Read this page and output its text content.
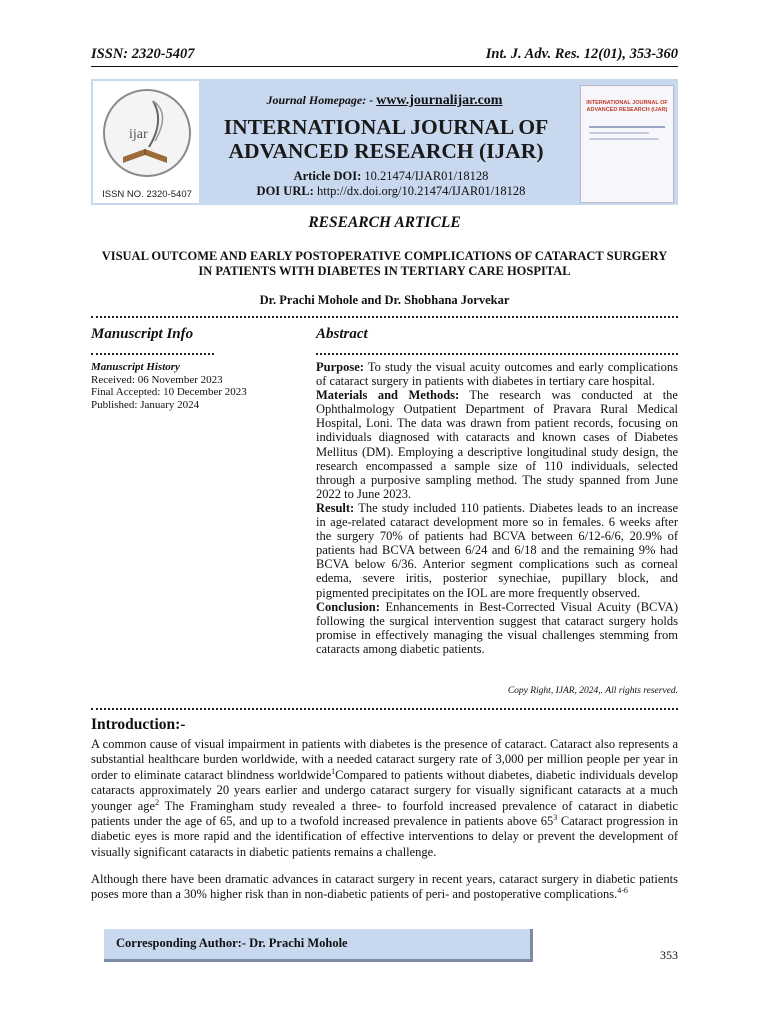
ISSN: 2320-5407	Int. J. Adv. Res. 12(01), 353-360
ijar
ISSN NO. 2320-5407
Journal Homepage: - www.journalijar.com
INTERNATIONAL JOURNAL OF
ADVANCED RESEARCH (IJAR)
Article DOI: 10.21474/IJAR01/18128
DOI URL: http://dx.doi.org/10.21474/IJAR01/18128
INTERNATIONAL JOURNAL OF ADVANCED RESEARCH (IJAR)
RESEARCH ARTICLE
VISUAL OUTCOME AND EARLY POSTOPERATIVE COMPLICATIONS OF CATARACT SURGERY
IN PATIENTS WITH DIABETES IN TERTIARY CARE HOSPITAL
Dr. Prachi Mohole and Dr. Shobhana Jorvekar
Manuscript Info	Abstract
Manuscript History
Received: 06 November 2023
Final Accepted: 10 December 2023
Published: January 2024

Purpose: To study the visual acuity outcomes and early complications of cataract surgery in patients with diabetes in tertiary care hospital.

Materials and Methods: The research was conducted at the Ophthalmology Outpatient Department of Pravara Rural Medical Hospital, Loni. The data was drawn from patient records, focusing on individuals diagnosed with cataracts and known cases of Diabetes Mellitus (DM). Employing a descriptive longitudinal study design, the research encompassed a sample size of 110 individuals, selected through a purposive sampling method. The study spanned from June 2022 to June 2023.

Result: The study included 110 patients. Diabetes leads to an increase in age-related cataract development more so in females. 6 weeks after the surgery 70% of patients had BCVA between 6/12-6/6, 20.9% of patients had BCVA between 6/24 and 6/18 and the remaining 9% had BCVA below 6/36. Anterior segment complications such as corneal edema, severe iritis, posterior synechiae, pupillary block, and pigmented precipitates on the IOL are more frequently observed.

Conclusion: Enhancements in Best-Corrected Visual Acuity (BCVA) following the surgical intervention suggest that cataract surgery holds promise in effectively managing the visual challenges stemming from cataracts among diabetic patients.

Copy Right, IJAR, 2024,. All rights reserved.
Introduction:-

A common cause of visual impairment in patients with diabetes is the presence of cataract. Cataract also represents a substantial healthcare burden worldwide, with a needed cataract surgery rate of 3,000 per million people per year in order to eliminate cataract blindness worldwide$^1$Compared to patients without diabetes, diabetic individuals develop cataracts approximately 20 years earlier and undergo cataract surgery for visually significant cataracts at a much younger age$^2$ The Framingham study revealed a three- to fourfold increased prevalence of cataract in diabetic patients under the age of 65, and up to a twofold increased prevalence in patients above $65^3$ Cataract progression in diabetic eyes is more rapid and the identification of effective interventions to delay or prevent the development of visually significant cataracts in diabetic patients remains a challenge.

Although there have been dramatic advances in cataract surgery in recent years, cataract surgery in diabetic patients poses more than a 30% higher risk than in non-diabetic patients of peri- and postoperative complications.$^{4-6}$
Corresponding Author:- Dr. Prachi Mohole
353
